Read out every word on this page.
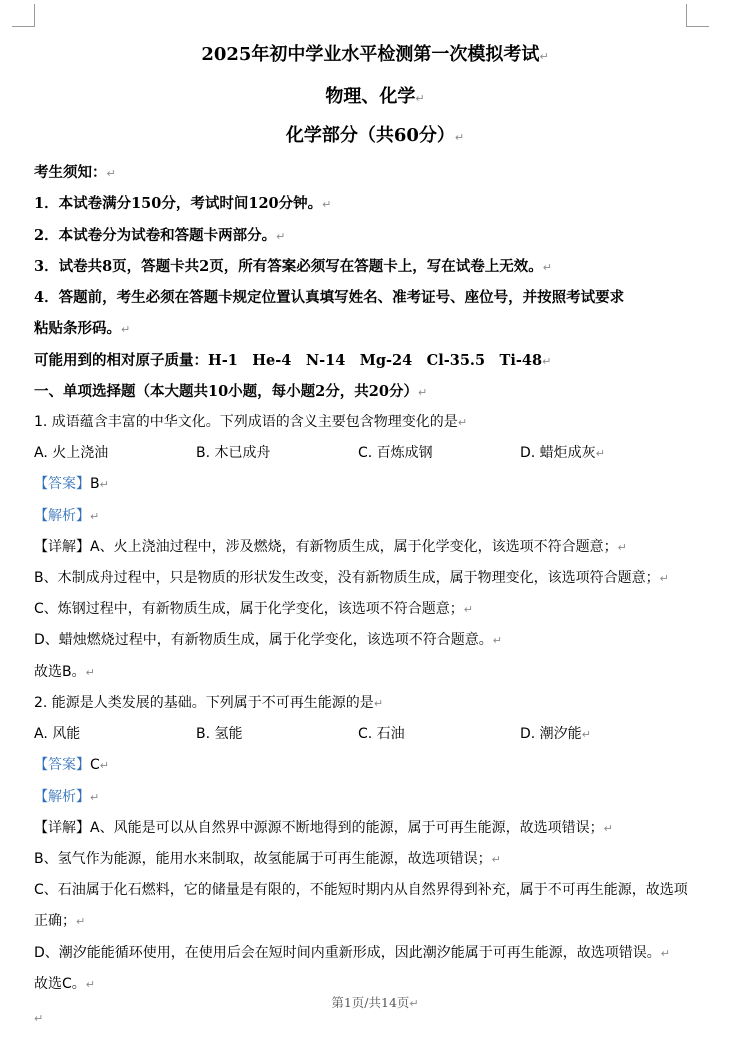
2025年初中学业水平检测第一次模拟考试↵
物理、化学↵
化学部分（共60分）↵
考生须知：↵
1．本试卷满分150分，考试时间120分钟。↵
2．本试卷分为试卷和答题卡两部分。↵
3．试卷共8页，答题卡共2页，所有答案必须写在答题卡上，写在试卷上无效。↵
4．答题前，考生必须在答题卡规定位置认真填写姓名、准考证号、座位号，并按照考试要求
粘贴条形码。↵
可能用到的相对原子质量：H-1　He-4　N-14　Mg-24　Cl-35.5　Ti-48↵
一、单项选择题（本大题共10小题，每小题2分，共20分）↵
1. 成语蕴含丰富的中华文化。下列成语的含义主要包含物理变化的是↵
A. 火上浇油	B. 木已成舟	C. 百炼成钢	D. 蜡炬成灰↵
【答案】B↵
【解析】↵
【详解】A、火上浇油过程中，涉及燃烧，有新物质生成，属于化学变化，该选项不符合题意；↵
B、木制成舟过程中，只是物质的形状发生改变，没有新物质生成，属于物理变化，该选项符合题意；↵
C、炼钢过程中，有新物质生成，属于化学变化，该选项不符合题意；↵
D、蜡烛燃烧过程中，有新物质生成，属于化学变化，该选项不符合题意。↵
故选B。↵
2. 能源是人类发展的基础。下列属于不可再生能源的是↵
A. 风能	B. 氢能	C. 石油	D. 潮汐能↵
【答案】C↵
【解析】↵
【详解】A、风能是可以从自然界中源源不断地得到的能源，属于可再生能源，故选项错误；↵
B、氢气作为能源，能用水来制取，故氢能属于可再生能源，故选项错误；↵
C、石油属于化石燃料，它的储量是有限的，不能短时期内从自然界得到补充，属于不可再生能源，故选项
正确；↵
D、潮汐能能循环使用，在使用后会在短时间内重新形成，因此潮汐能属于可再生能源，故选项错误。↵
故选C。↵
第1页/共14页↵
↵
